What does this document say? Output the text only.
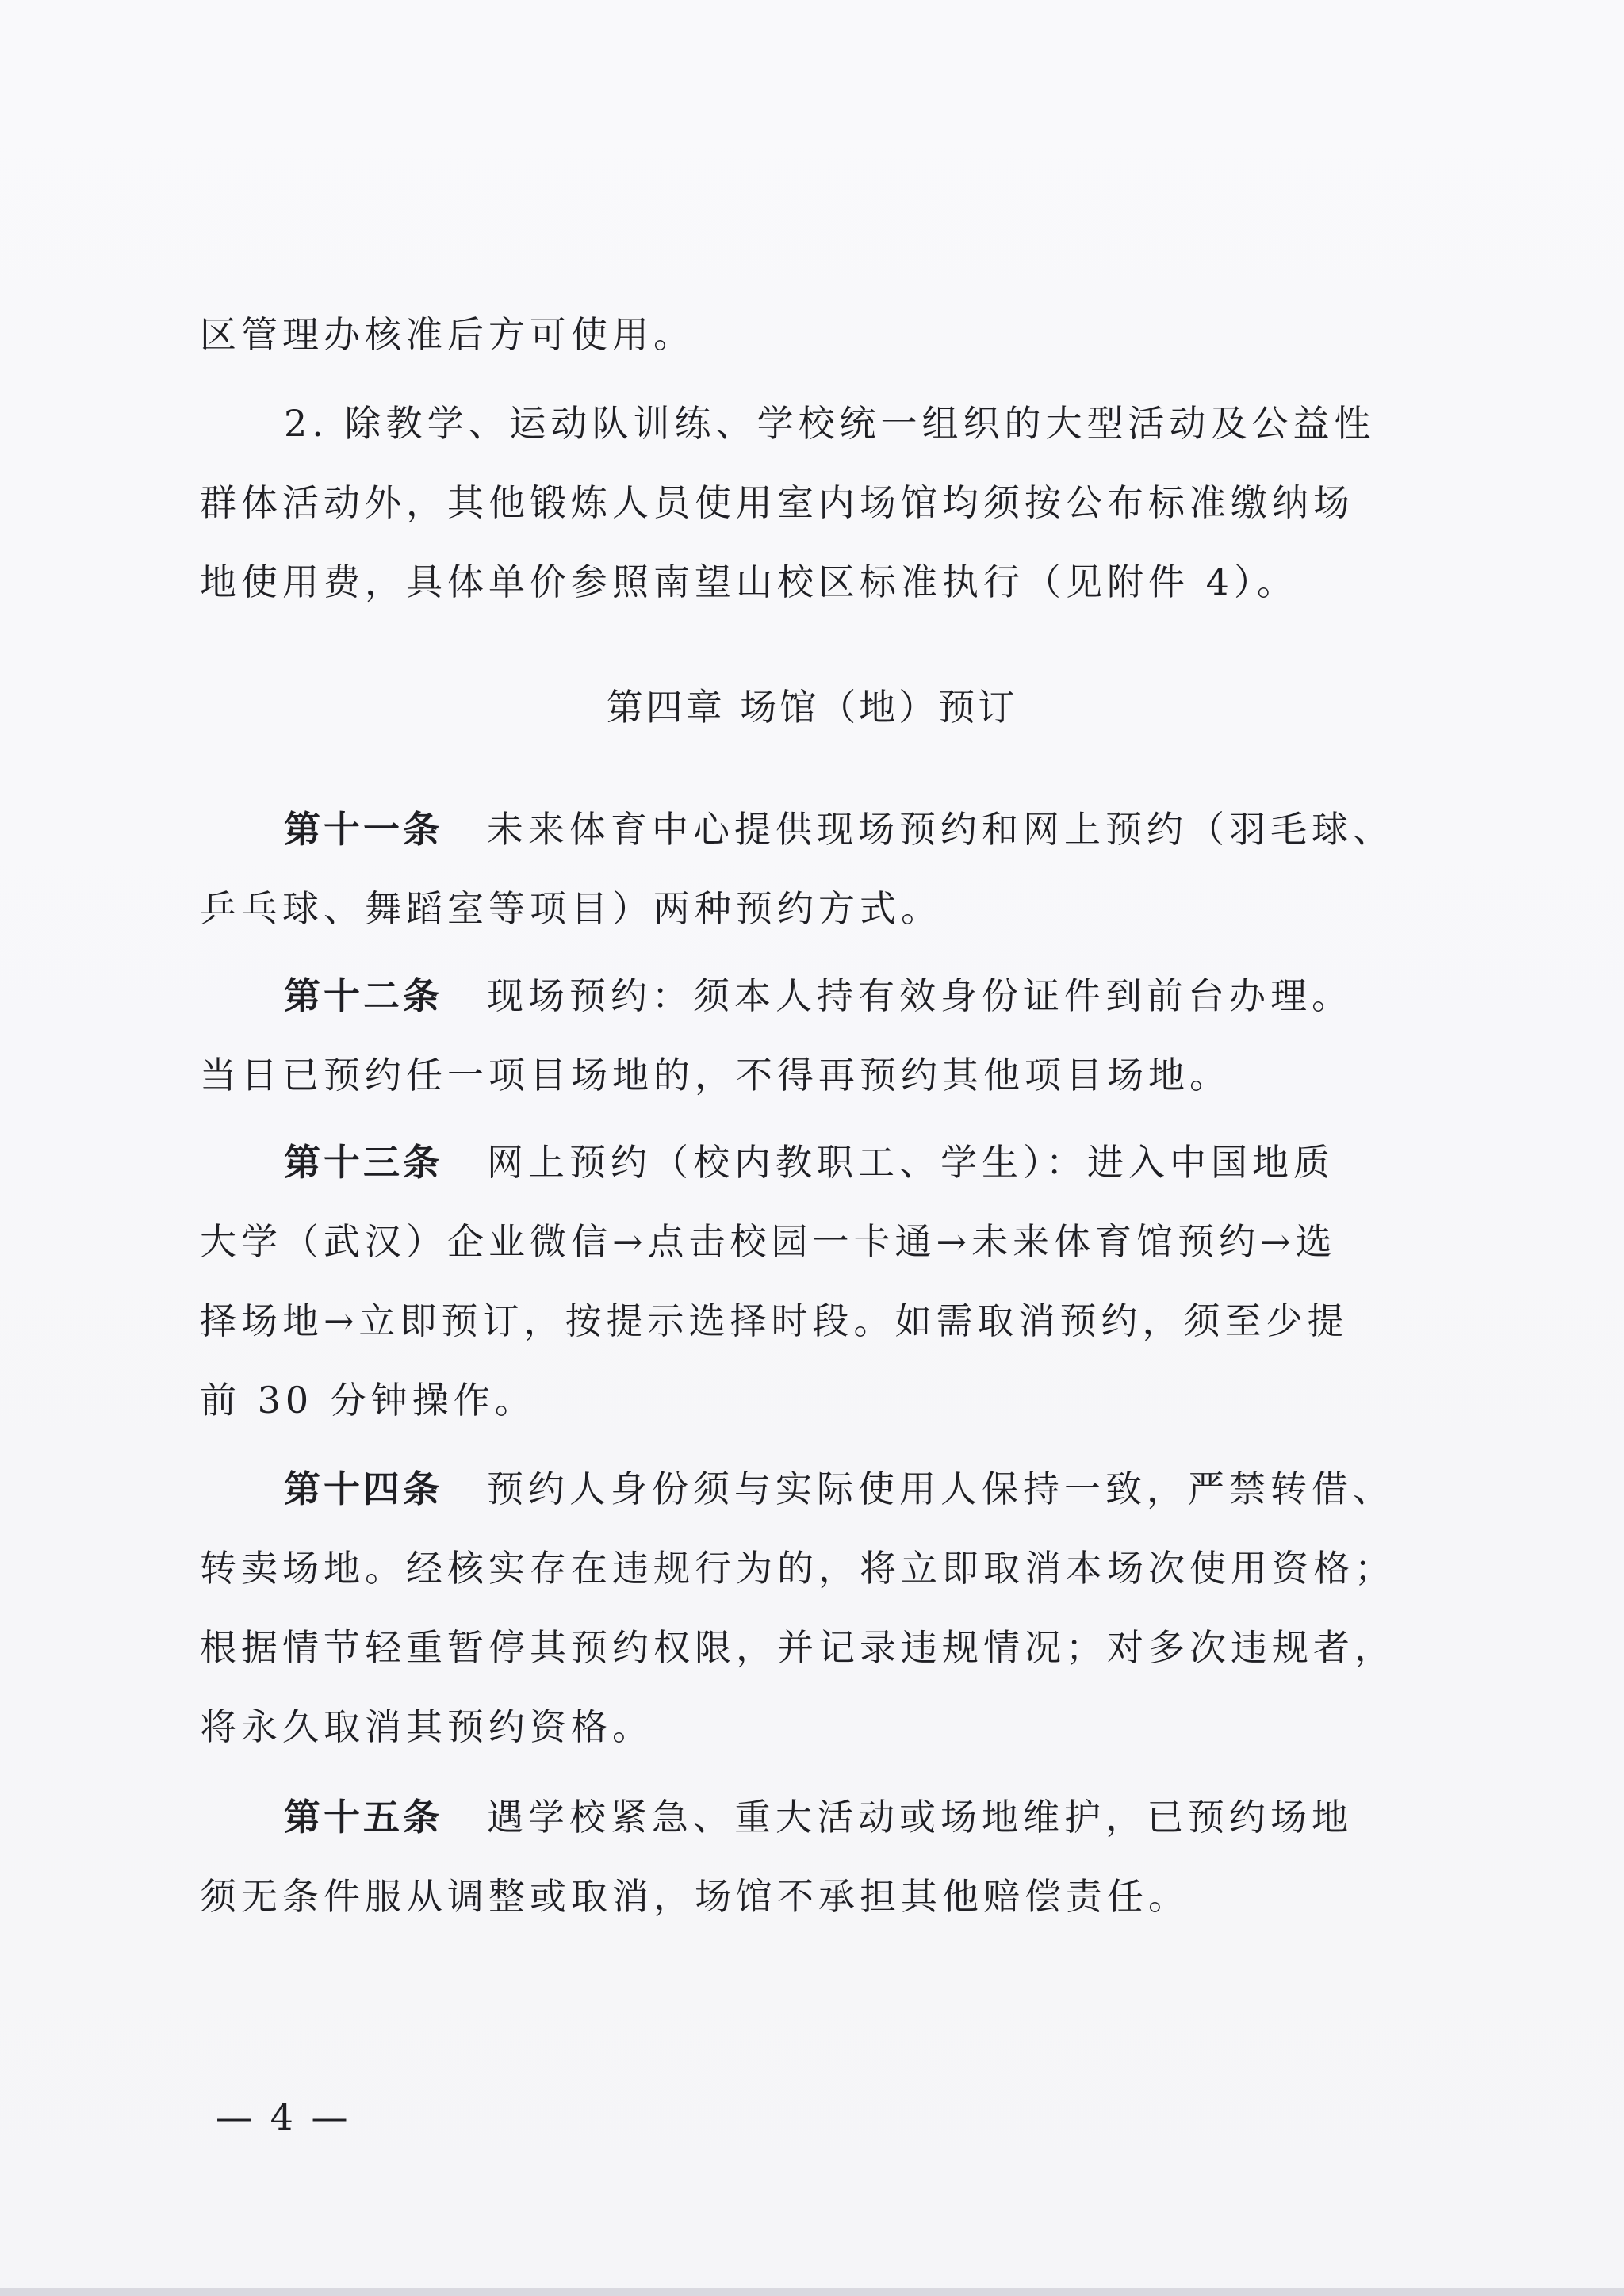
区管理办核准后方可使用。
2. 除教学、运动队训练、学校统一组织的大型活动及公益性
群体活动外，其他锻炼人员使用室内场馆均须按公布标准缴纳场
地使用费，具体单价参照南望山校区标准执行（见附件 4）。
第四章 场馆（地）预订
第十一条 未来体育中心提供现场预约和网上预约（羽毛球、
乒乓球、舞蹈室等项目）两种预约方式。
第十二条 现场预约：须本人持有效身份证件到前台办理。
当日已预约任一项目场地的，不得再预约其他项目场地。
第十三条 网上预约（校内教职工、学生）：进入中国地质
大学（武汉）企业微信→点击校园一卡通→未来体育馆预约→选
择场地→立即预订，按提示选择时段。如需取消预约，须至少提
前 30 分钟操作。
第十四条 预约人身份须与实际使用人保持一致，严禁转借、
转卖场地。经核实存在违规行为的，将立即取消本场次使用资格；
根据情节轻重暂停其预约权限，并记录违规情况；对多次违规者，
将永久取消其预约资格。
第十五条 遇学校紧急、重大活动或场地维护，已预约场地
须无条件服从调整或取消，场馆不承担其他赔偿责任。
— 4 —
